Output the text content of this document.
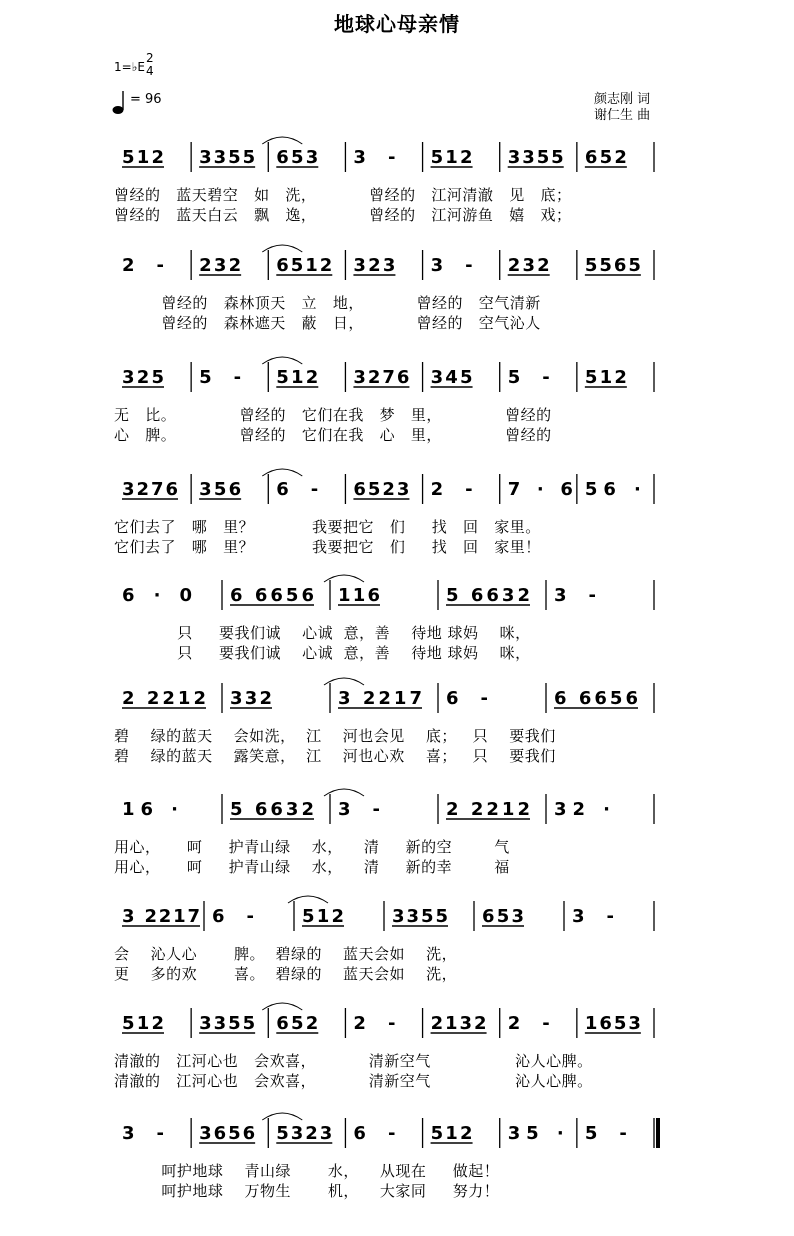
地球心母亲情
1=♭E
2
4
= 96	颜志刚 词
谢仁生 曲
512 3355 653 3 - 512 3355 652
2 - 232 6512 323 3 - 232 5565
325 5 - 512 3276 345 5 - 512
3276 356 6 - 6523 2 - 7 · 6 56 ·
6 · 0 6 6656 116	5 6632 3 -
2 2212 332	3 2217 6 -	6 6656
16 ·	5 6632 3 -	2 2212 32 ·
3 2217 6 -	512	3355 653	3 -
512 3355 652 2 - 2132 2 - 1653
3 - 3656 5323 6 - 512 35 · 5 -
曾经的   蓝天碧空   如   洗，          曾经的   江河清澈   见   底；
曾经的   蓝天白云   飘   逸，          曾经的   江河游鱼   嬉   戏；
曾经的   森林顶天   立   地，          曾经的   空气清新
曾经的   森林遮天   蔽   日，          曾经的   空气沁人
无   比。            曾经的   它们在我   梦   里，            曾经的
心   脾。            曾经的   它们在我   心   里，            曾经的
它们去了   哪   里？           我要把它   们     找   回   家里。
它们去了   哪   里？           我要把它   们     找   回   家里！
只     要我们诚    心诚  意，善    待地 球妈    咪，
只     要我们诚    心诚  意，善    待地 球妈    咪，
碧    绿的蓝天    会如洗，  江    河也会见    底；   只    要我们
碧    绿的蓝天    露笑意，  江    河也心欢    喜；   只    要我们
用心，     呵     护青山绿    水，    清     新的空        气
用心，     呵     护青山绿    水，    清     新的幸        福
会    沁人心       脾。  碧绿的    蓝天会如    洗，
更    多的欢       喜。  碧绿的    蓝天会如    洗，
清澈的   江河心也   会欢喜，          清新空气                沁人心脾。
清澈的   江河心也   会欢喜，          清新空气                沁人心脾。
呵护地球    青山绿       水，    从现在     做起！
呵护地球    万物生       机，    大家同     努力！
